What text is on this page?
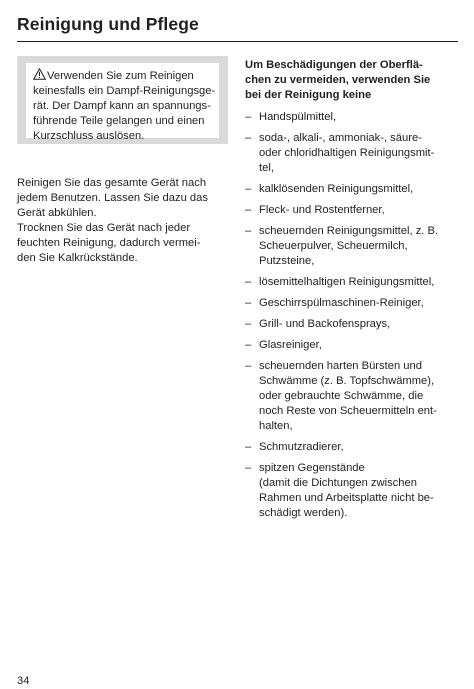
Reinigung und Pflege
Verwenden Sie zum Reinigen
keinesfalls ein Dampf-Reinigungsge-
rät. Der Dampf kann an spannungs-
führende Teile gelangen und einen
Kurzschluss auslösen.
Reinigen Sie das gesamte Gerät nach
jedem Benutzen. Lassen Sie dazu das
Gerät abkühlen.
Trocknen Sie das Gerät nach jeder
feuchten Reinigung, dadurch vermei-
den Sie Kalkrückstände.
Um Beschädigungen der Oberflä-
chen zu vermeiden, verwenden Sie
bei der Reinigung keine
– Handspülmittel,
– soda-, alkali-, ammoniak-, säure-
oder chloridhaltigen Reinigungsmit-
tel,
– kalklösenden Reinigungsmittel,
– Fleck- und Rostentferner,
– scheuernden Reinigungsmittel, z. B.
Scheuerpulver, Scheuermilch,
Putzsteine,
– lösemittelhaltigen Reinigungsmittel,
– Geschirrspülmaschinen-Reiniger,
– Grill- und Backofensprays,
– Glasreiniger,
– scheuernden harten Bürsten und
Schwämme (z. B. Topfschwämme),
oder gebrauchte Schwämme, die
noch Reste von Scheuermitteln ent-
halten,
– Schmutzradierer,
– spitzen Gegenstände
(damit die Dichtungen zwischen
Rahmen und Arbeitsplatte nicht be-
schädigt werden).
34
